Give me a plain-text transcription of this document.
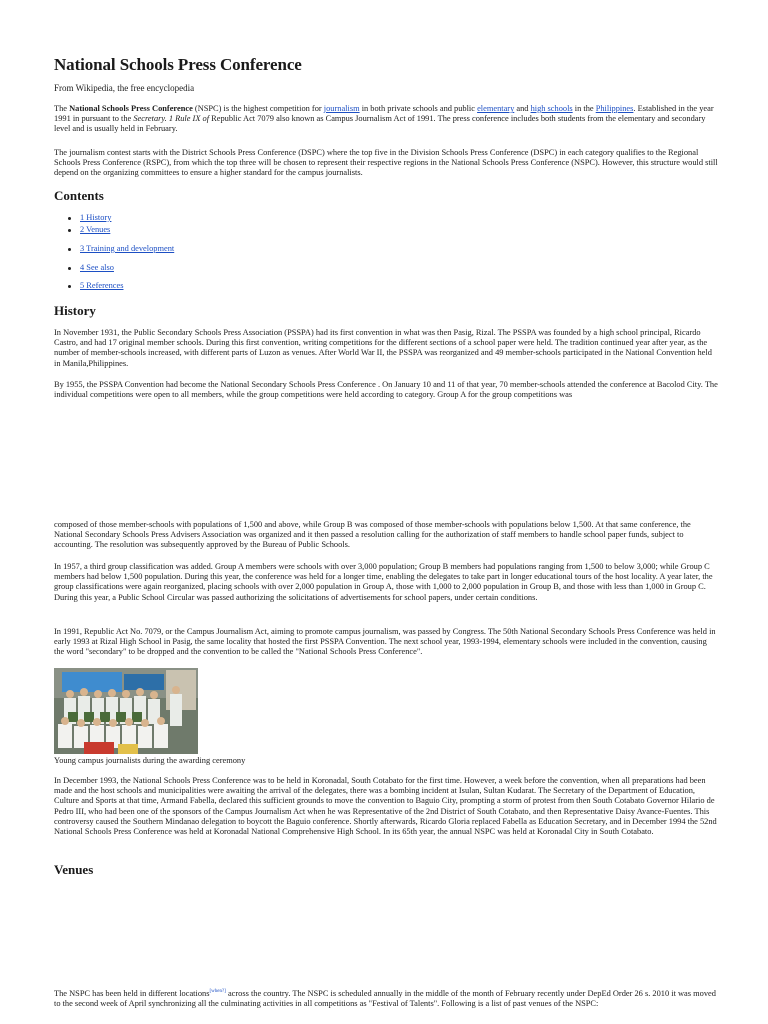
National Schools Press Conference
From Wikipedia, the free encyclopedia

The National Schools Press Conference (NSPC) is the highest competition for journalism in both private schools and public elementary and high schools in the Philippines. Established in the year 1991 in pursuant to the Secretary. 1 Rule IX of Republic Act 7079 also known as Campus Journalism Act of 1991. The press conference includes both students from the elementary and secondary level and is usually held in February.

The journalism contest starts with the District Schools Press Conference (DSPC) where the top five in the Division Schools Press Conference (DSPC) in each category qualifies to the Regional Schools Press Conference (RSPC), from which the top three will be chosen to represent their respective regions in the National Schools Press Conference (NSPC). However, this structure would still depend on the organizing committees to ensure a higher standard for the campus journalists.

Contents
1 History
2 Venues
3 Training and development
4 See also
5 References
History

In November 1931, the Public Secondary Schools Press Association (PSSPA) had its first convention in what was then Pasig, Rizal. The PSSPA was founded by a high school principal, Ricardo Castro, and had 17 original member schools. During this first convention, writing competitions for the different sections of a school paper were held. The tradition continued year after year, as the number of member-schools increased, with different parts of Luzon as venues. After World War II, the PSSPA was reorganized and 49 member-schools participated in the National Convention held in Manila,Philippines.

By 1955, the PSSPA Convention had become the National Secondary Schools Press Conference . On January 10 and 11 of that year, 70 member-schools attended the conference at Bacolod City. The individual competitions were open to all members, while the group competitions were held according to category. Group A for the group competitions was

composed of those member-schools with populations of 1,500 and above, while Group B was composed of those member-schools with populations below 1,500. At that same conference, the National Secondary Schools Press Advisers Association was organized and it then passed a resolution calling for the authorization of staff members to handle school paper funds, subject to accounting. The resolution was subsequently approved by the Bureau of Public Schools.

In 1957, a third group classification was added. Group A members were schools with over 3,000 population; Group B members had populations ranging from 1,500 to below 3,000; while Group C members had below 1,500 population. During this year, the conference was held for a longer time, enabling the delegates to take part in longer educational tours of the host locality. A year later, the group classifications were again reorganized, placing schools with over 2,000 population in Group A, those with 1,000 to 2,000 population in Group B, and those with less than 1,000 in Group C. During this year, a Public School Circular was passed authorizing the solicitations of advertisements for school papers, under certain conditions.

In 1991, Republic Act No. 7079, or the Campus Journalism Act, aiming to promote campus journalism, was passed by Congress. The 50th National Secondary Schools Press Conference was held in early 1993 at Rizal High School in Pasig, the same locality that hosted the first PSSPA Convention. The next school year, 1993-1994, elementary schools were included in the convention, causing the word "secondary" to be dropped and the convention to be called the "National Schools Press Conference".

Young campus journalists during the awarding ceremony

In December 1993, the National Schools Press Conference was to be held in Koronadal, South Cotabato for the first time. However, a week before the convention, when all preparations had been made and the host schools and municipalities were awaiting the arrival of the delegates, there was a bombing incident at Isulan, Sultan Kudarat. The Secretary of the Department of Education, Culture and Sports at that time, Armand Fabella, declared this sufficient grounds to move the convention to Baguio City, prompting a storm of protest from then South Cotabato Governor Hilario de Pedro III, who had been one of the sponsors of the Campus Journalism Act when he was Representative of the 2nd District of South Cotabato, and then Representative Daisy Avance-Fuentes. This controversy caused the Southern Mindanao delegation to boycott the Baguio conference. Shortly afterwards, Ricardo Gloria replaced Fabella as Education Secretary, and in December 1994 the 52nd National Schools Press Conference was held at Koronadal National Comprehensive High School. In its 65th year, the annual NSPC was held at Koronadal City in South Cotabato.

Venues

The NSPC has been held in different locations[when?] across the country. The NSPC is scheduled annually in the middle of the month of February recently under DepEd Order 26 s. 2010 it was moved to the second week of April synchronizing all the culminating activities in all competitions as "Festival of Talents". Following is a list of past venues of the NSPC:
